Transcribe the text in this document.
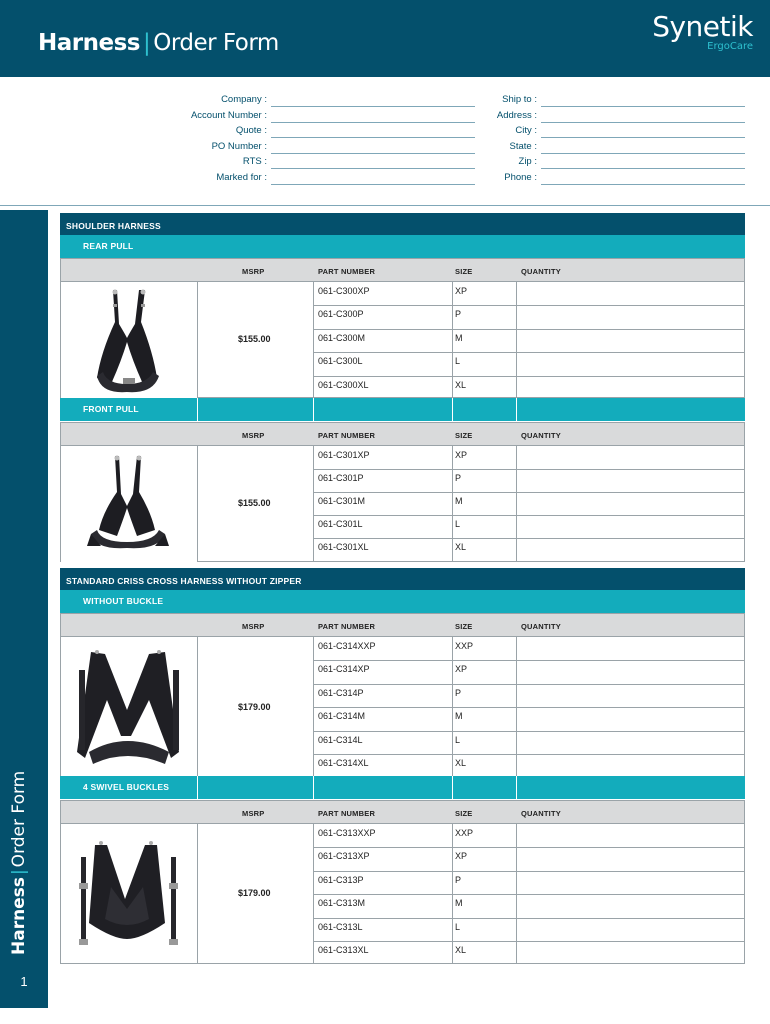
Harness | Order Form	Synetik
ErgoCare
Company :
Account Number :
Quote :
PO Number :
RTS :
Marked for :
Ship to :
Address :
City :
State :
Zip :
Phone :
Harness|Order Form
1
SHOULDER HARNESS
REAR PULL
MSRP	PART NUMBER	SIZE	QUANTITY
$155.00
061-C300XP	XP
061-C300P	P
061-C300M	M
061-C300L	L
061-C300XL	XL
FRONT PULL
MSRP	PART NUMBER	SIZE	QUANTITY
$155.00
061-C301XP	XP
061-C301P	P
061-C301M	M
061-C301L	L
061-C301XL	XL
STANDARD CRISS CROSS HARNESS WITHOUT ZIPPER
WITHOUT BUCKLE
MSRP	PART NUMBER	SIZE	QUANTITY
$179.00
061-C314XXP	XXP
061-C314XP	XP
061-C314P	P
061-C314M	M
061-C314L	L
061-C314XL	XL
4 SWIVEL BUCKLES
MSRP	PART NUMBER	SIZE	QUANTITY
$179.00
061-C313XXP	XXP
061-C313XP	XP
061-C313P	P
061-C313M	M
061-C313L	L
061-C313XL	XL
